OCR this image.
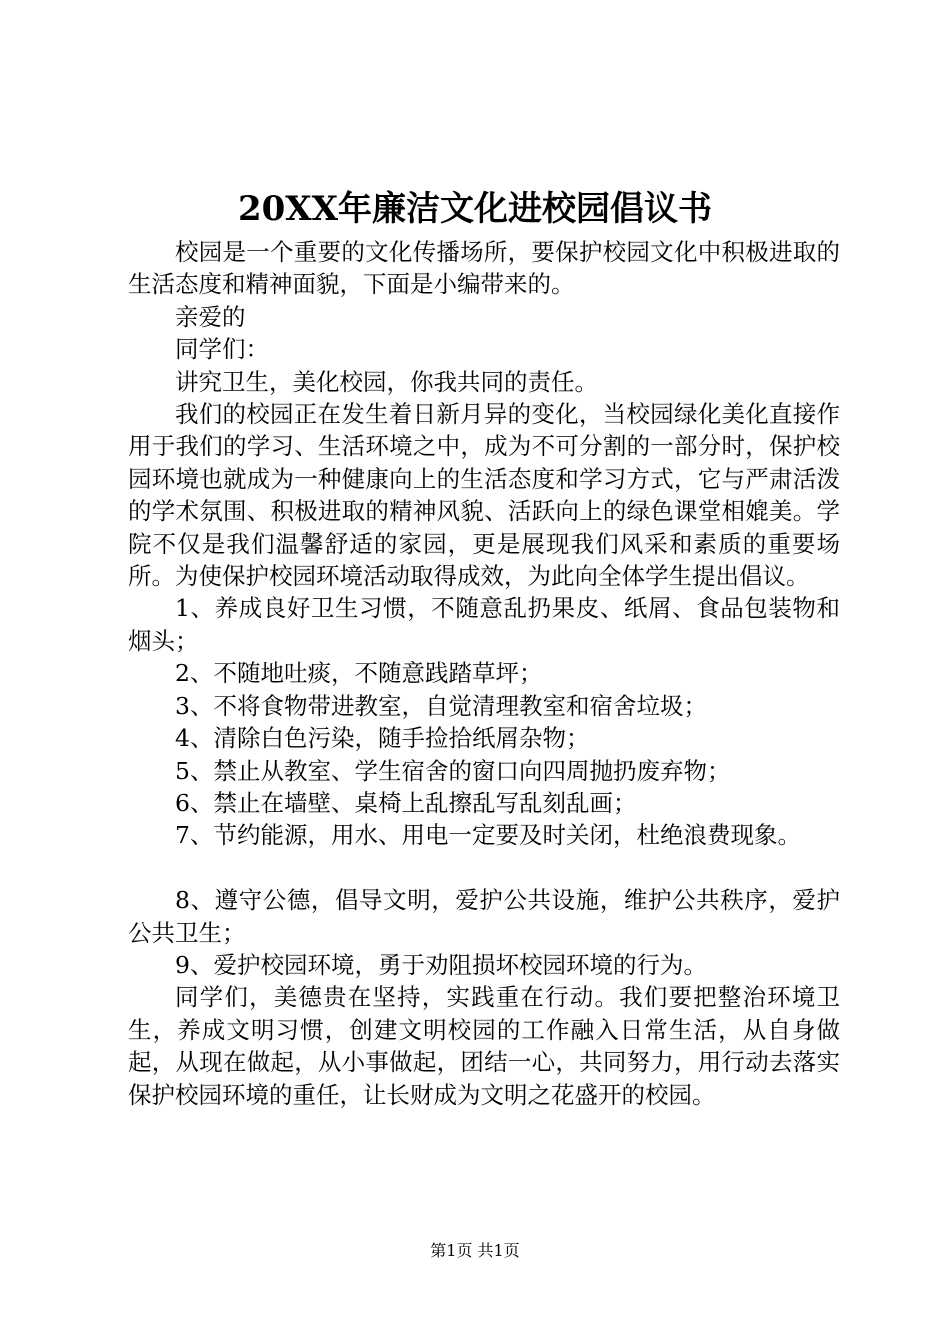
20XX年廉洁文化进校园倡议书

校园是一个重要的文化传播场所，要保护校园文化中积极进取的生活态度和精神面貌，下面是小编带来的。

亲爱的

同学们：

讲究卫生，美化校园，你我共同的责任。

我们的校园正在发生着日新月异的变化，当校园绿化美化直接作用于我们的学习、生活环境之中，成为不可分割的一部分时，保护校园环境也就成为一种健康向上的生活态度和学习方式，它与严肃活泼的学术氛围、积极进取的精神风貌、活跃向上的绿色课堂相媲美。学院不仅是我们温馨舒适的家园，更是展现我们风采和素质的重要场所。为使保护校园环境活动取得成效，为此向全体学生提出倡议。

1、养成良好卫生习惯，不随意乱扔果皮、纸屑、食品包装物和烟头；

2、不随地吐痰，不随意践踏草坪；

3、不将食物带进教室，自觉清理教室和宿舍垃圾；

4、清除白色污染，随手捡拾纸屑杂物；

5、禁止从教室、学生宿舍的窗口向四周抛扔废弃物；

6、禁止在墙壁、桌椅上乱擦乱写乱刻乱画；

7、节约能源，用水、用电一定要及时关闭，杜绝浪费现象。

8、遵守公德，倡导文明，爱护公共设施，维护公共秩序，爱护公共卫生；

9、爱护校园环境，勇于劝阻损坏校园环境的行为。

同学们，美德贵在坚持，实践重在行动。我们要把整治环境卫生，养成文明习惯，创建文明校园的工作融入日常生活，从自身做起，从现在做起，从小事做起，团结一心，共同努力，用行动去落实保护校园环境的重任，让长财成为文明之花盛开的校园。

第1页 共1页
